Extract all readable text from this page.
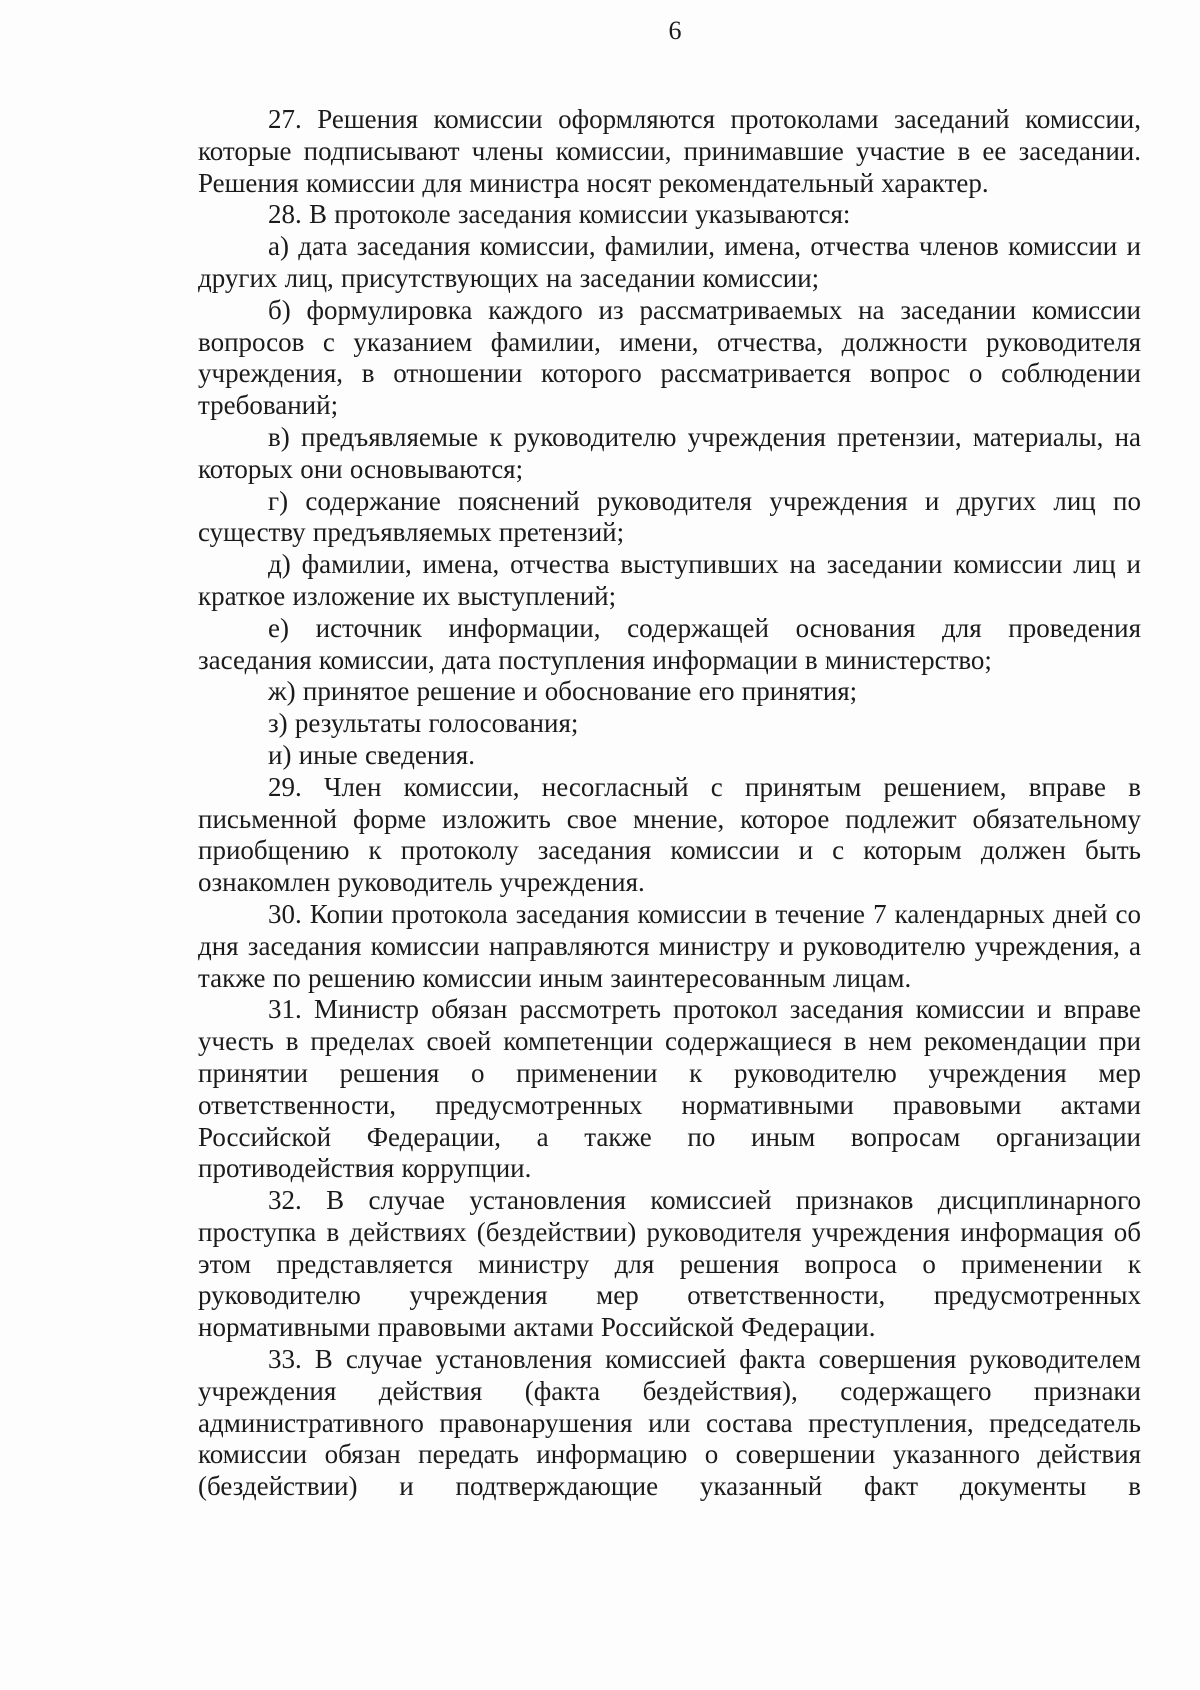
6

27. Решения комиссии оформляются протоколами заседаний комиссии, которые подписывают члены комиссии, принимавшие участие в ее заседании. Решения комиссии для министра носят рекомендательный характер.

28. В протоколе заседания комиссии указываются:

а) дата заседания комиссии, фамилии, имена, отчества членов комиссии и других лиц, присутствующих на заседании комиссии;

б) формулировка каждого из рассматриваемых на заседании комиссии вопросов с указанием фамилии, имени, отчества, должности руководителя учреждения, в отношении которого рассматривается вопрос о соблюдении требований;

в) предъявляемые к руководителю учреждения претензии, материалы, на которых они основываются;

г) содержание пояснений руководителя учреждения и других лиц по существу предъявляемых претензий;

д) фамилии, имена, отчества выступивших на заседании комиссии лиц и краткое изложение их выступлений;

е) источник информации, содержащей основания для проведения заседания комиссии, дата поступления информации в министерство;

ж) принятое решение и обоснование его принятия;

з) результаты голосования;

и) иные сведения.

29. Член комиссии, несогласный с принятым решением, вправе в письменной форме изложить свое мнение, которое подлежит обязательному приобщению к протоколу заседания комиссии и с которым должен быть ознакомлен руководитель учреждения.

30. Копии протокола заседания комиссии в течение 7 календарных дней со дня заседания комиссии направляются министру и руководителю учреждения, а также по решению комиссии иным заинтересованным лицам.

31. Министр обязан рассмотреть протокол заседания комиссии и вправе учесть в пределах своей компетенции содержащиеся в нем рекомендации при принятии решения о применении к руководителю учреждения мер ответственности, предусмотренных нормативными правовыми актами Российской Федерации, а также по иным вопросам организации противодействия коррупции.

32. В случае установления комиссией признаков дисциплинарного проступка в действиях (бездействии) руководителя учреждения информация об этом представляется министру для решения вопроса о применении к руководителю учреждения мер ответственности, предусмотренных нормативными правовыми актами Российской Федерации.

33. В случае установления комиссией факта совершения руководителем учреждения действия (факта бездействия), содержащего признаки административного правонарушения или состава преступления, председатель комиссии обязан передать информацию о совершении указанного действия (бездействии) и подтверждающие указанный факт документы в
